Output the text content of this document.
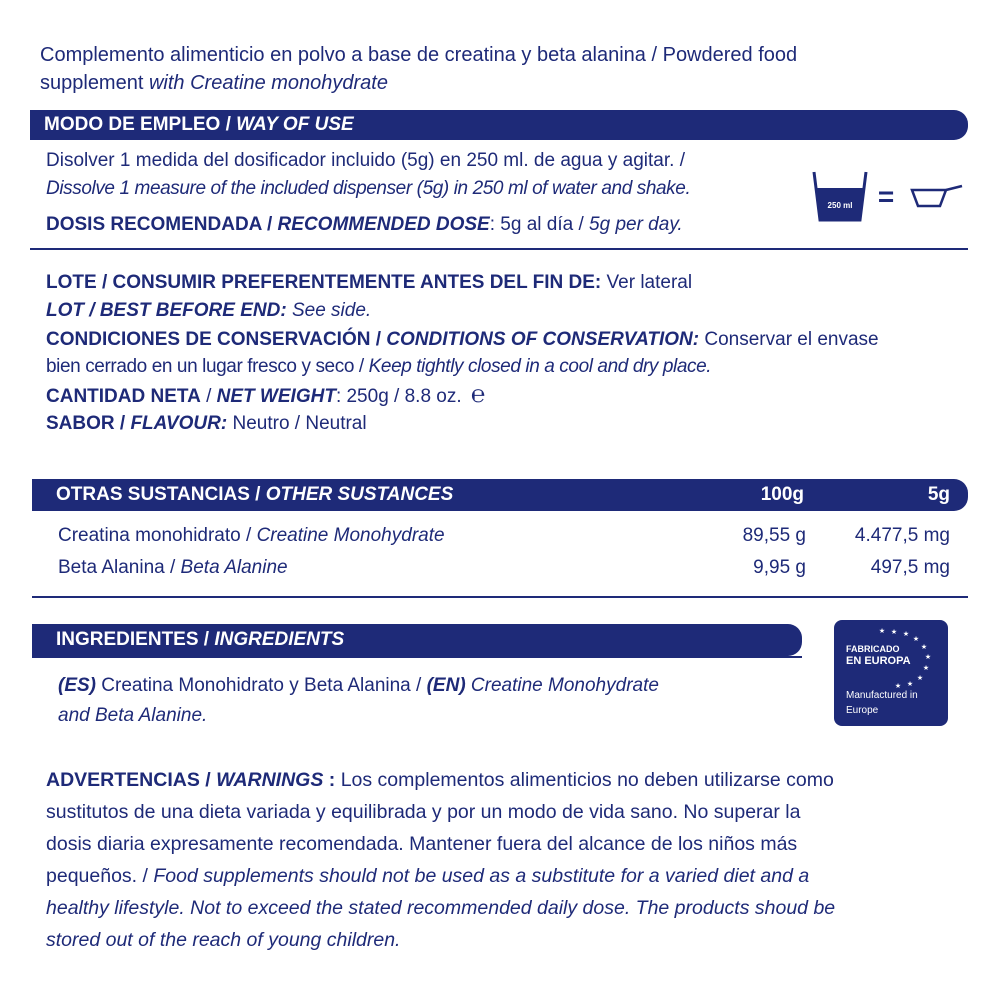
Complemento alimenticio en polvo a base de creatina y beta alanina / Powdered food
supplement with Creatine monohydrate
MODO DE EMPLEO / WAY OF USE
Disolver 1 medida del dosificador incluido (5g) en 250 ml. de agua y agitar. /
Dissolve 1 measure of the included dispenser (5g) in 250 ml of water and shake.
DOSIS RECOMENDADA / RECOMMENDED DOSE: 5g al día / 5g per day.
250 ml =
LOTE / CONSUMIR PREFERENTEMENTE ANTES DEL FIN DE: Ver lateral
LOT / BEST BEFORE END: See side.
CONDICIONES DE CONSERVACIÓN / CONDITIONS OF CONSERVATION: Conservar el envase
bien cerrado en un lugar fresco y seco / Keep tightly closed in a cool and dry place.
CANTIDAD NETA / NET WEIGHT: 250g / 8.8 oz. ℮
SABOR / FLAVOUR: Neutro / Neutral
OTRAS SUSTANCIAS / OTHER SUSTANCES	100g	5g
Creatina monohidrato / Creatine Monohydrate	89,55 g	4.477,5 mg
Beta Alanina / Beta Alanine	9,95 g	497,5 mg
INGREDIENTES / INGREDIENTS
(ES) Creatina Monohidrato y Beta Alanina / (EN) Creatine Monohydrate
and Beta Alanine.
★ ★
★
★
★
★
★
★
★
★
FABRICADO
EN EUROPA
Manufactured in
Europe
ADVERTENCIAS / WARNINGS : Los complementos alimenticios no deben utilizarse como
sustitutos de una dieta variada y equilibrada y por un modo de vida sano. No superar la
dosis diaria expresamente recomendada. Mantener fuera del alcance de los niños más
pequeños. / Food supplements should not be used as a substitute for a varied diet and a
healthy lifestyle. Not to exceed the stated recommended daily dose. The products shoud be
stored out of the reach of young children.
